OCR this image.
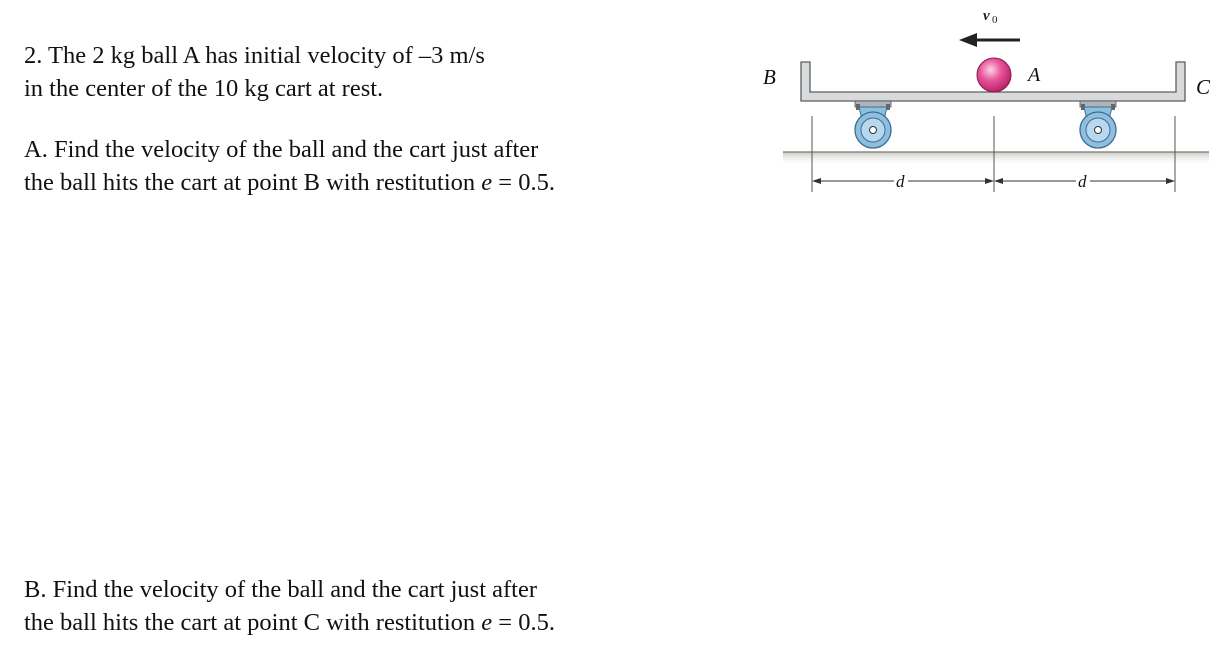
2. The 2 kg ball A has initial velocity of –3 m/s
in the center of the 10 kg cart at rest.

A. Find the velocity of the ball and the cart just after
the ball hits the cart at point B with restitution e = 0.5.

B. Find the velocity of the ball and the cart just after
the ball hits the cart at point C with restitution e = 0.5.

v 0
A
B	C
d	d
